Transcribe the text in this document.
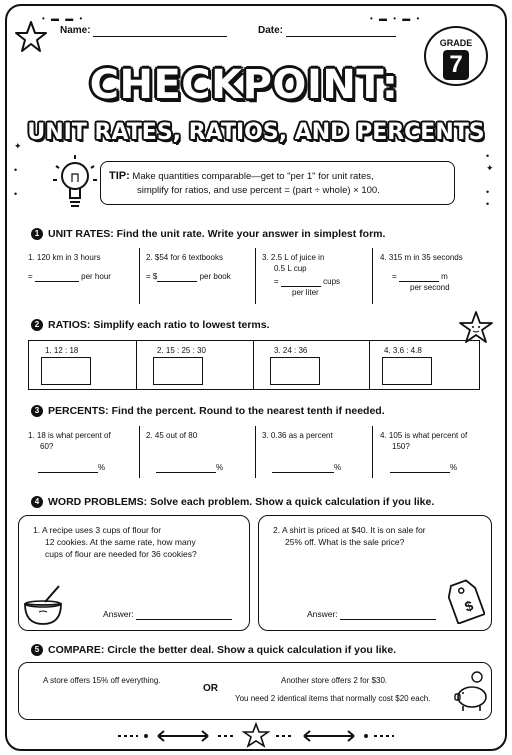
Name:	Date:
• ▬ ▬ •	• ▬ • ▬ •
GRADE
7
CHECKPOINT:
UNIT RATES, RATIOS, AND PERCENTS
TIP: Make quantities comparable—get to "per 1" for unit rates,
simplify for ratios, and use percent = (part ÷ whole) × 100.
✦

•

•
•
✦

•
•
1 UNIT RATES: Find the unit rate. Write your answer in simplest form.
1. 120 km in 3 hours
=	per hour
2. $54 for 6 textbooks
= $	per book
3. 2.5 L of juice in
0.5 L cup
=	cups
per liter
4. 315 m in 35 seconds
=	m
per second
2 RATIOS: Simplify each ratio to lowest terms.
1. 12 : 18	2. 15 : 25 : 30	3. 24 : 36	4. 3.6 : 4.8
3 PERCENTS: Find the percent. Round to the nearest tenth if needed.
1. 18 is what percent of
60?
%
2. 45 out of 80
%
3. 0.36 as a percent
%
4. 105 is what percent of
150?
%
4 WORD PROBLEMS: Solve each problem. Show a quick calculation if you like.
1. A recipe uses 3 cups of flour for
12 cookies. At the same rate, how many
cups of flour are needed for 36 cookies?
Answer:
2. A shirt is priced at $40. It is on sale for
25% off. What is the sale price?
Answer:	$
5 COMPARE: Circle the better deal. Show a quick calculation if you like.
A store offers 15% off everything.
OR
Another store offers 2 for $30.
You need 2 identical items that normally cost $20 each.
